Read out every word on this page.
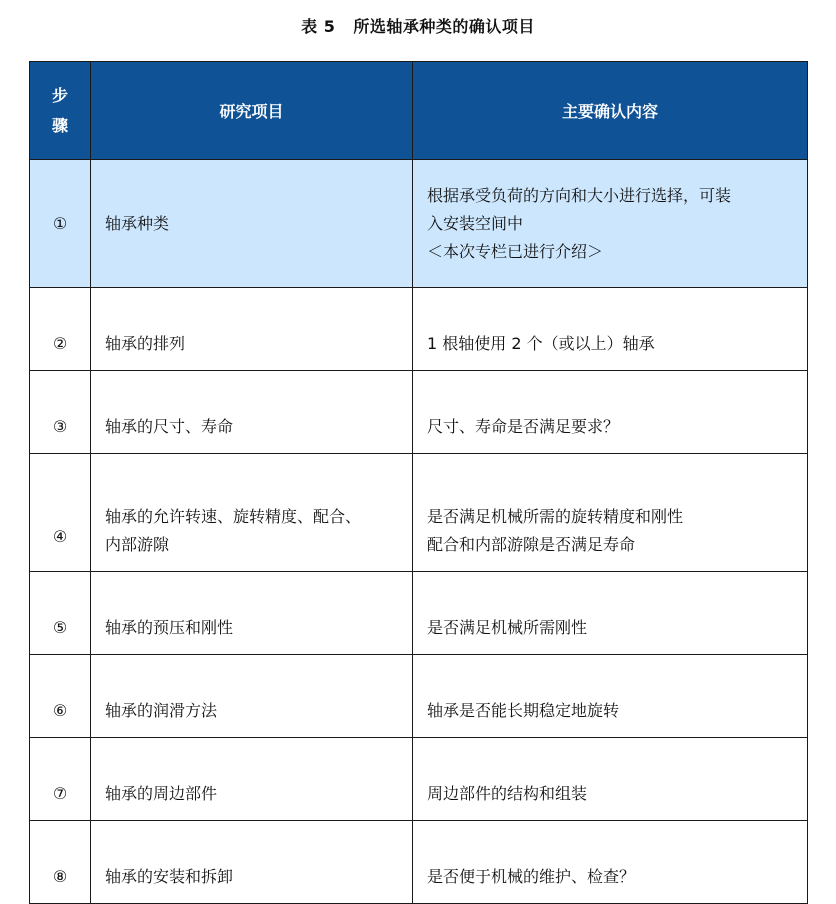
表 5 所选轴承种类的确认项目
步
骤	研究项目	主要确认内容
①	轴承种类	根据承受负荷的方向和大小进行选择，可装
入安装空间中
＜本次专栏已进行介绍＞
②	轴承的排列	1 根轴使用 2 个（或以上）轴承
③	轴承的尺寸、寿命	尺寸、寿命是否满足要求？
④	轴承的允许转速、旋转精度、配合、
内部游隙	是否满足机械所需的旋转精度和刚性
配合和内部游隙是否满足寿命
⑤	轴承的预压和刚性	是否满足机械所需刚性
⑥	轴承的润滑方法	轴承是否能长期稳定地旋转
⑦	轴承的周边部件	周边部件的结构和组装
⑧	轴承的安装和拆卸	是否便于机械的维护、检查？
